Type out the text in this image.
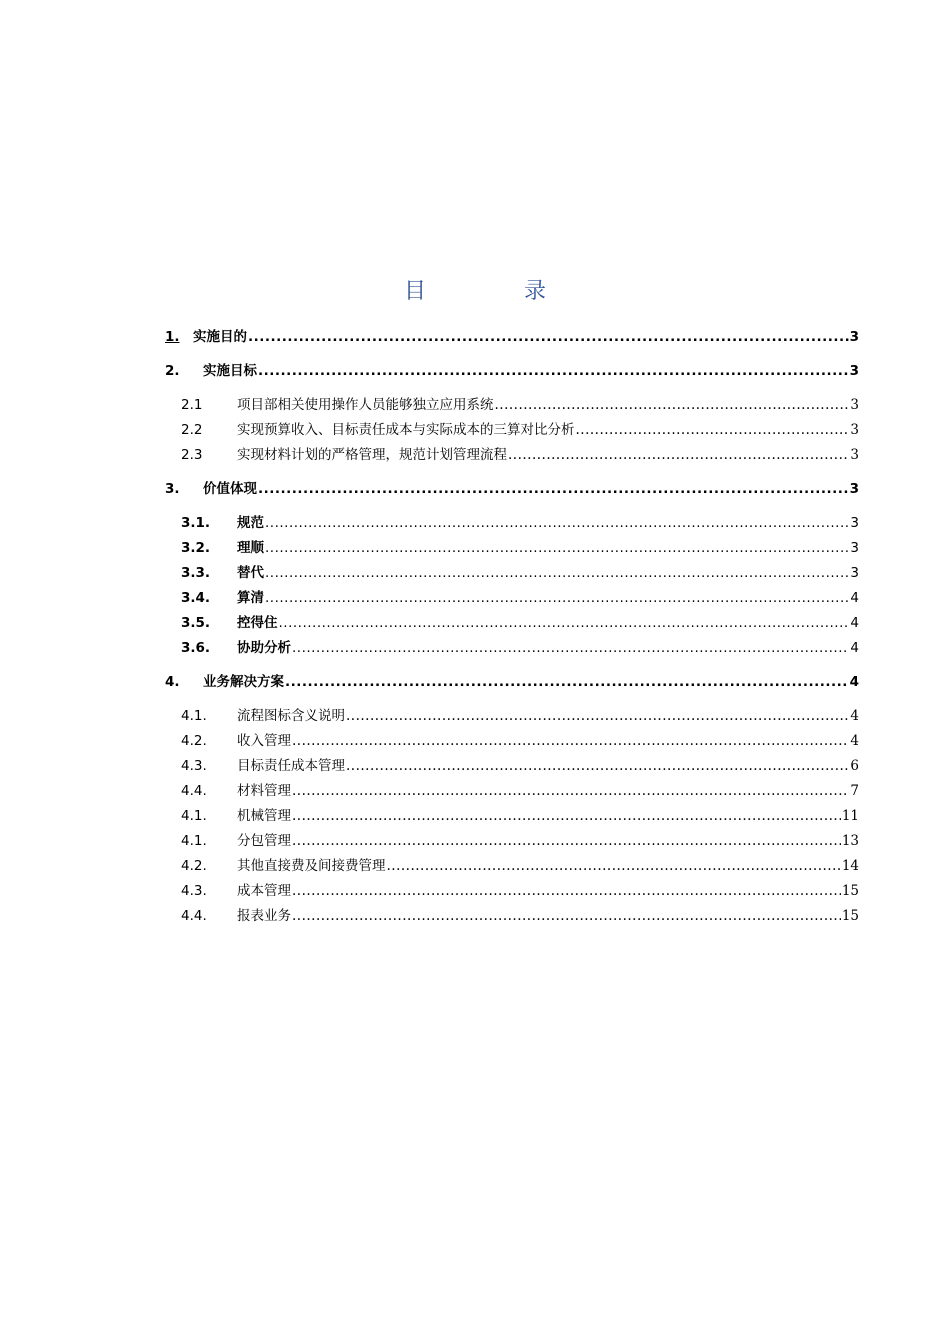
目　录
1. 实施目的 .....	3
2.	实施目标 .....	3
2.1	项目部相关使用操作人员能够独立应用系统 .....	3
2.2	实现预算收入、目标责任成本与实际成本的三算对比分析 .....	3
2.3	实现材料计划的严格管理，规范计划管理流程 .....	3
3.	价值体现 .....	3
3.1.	规范 .....	3
3.2.	理顺 .....	3
3.3.	替代 .....	3
3.4.	算清 .....	4
3.5.	控得住 .....	4
3.6.	协助分析 .....	4
4.	业务解决方案 .....	4
4.1.	流程图标含义说明 .....	4
4.2.	收入管理 .....	4
4.3.	目标责任成本管理 .....	6
4.4.	材料管理 .....	7
4.1.	机械管理 .....	11
4.1.	分包管理 .....	13
4.2.	其他直接费及间接费管理 .....	14
4.3.	成本管理 .....	15
4.4.	报表业务 .....	15
